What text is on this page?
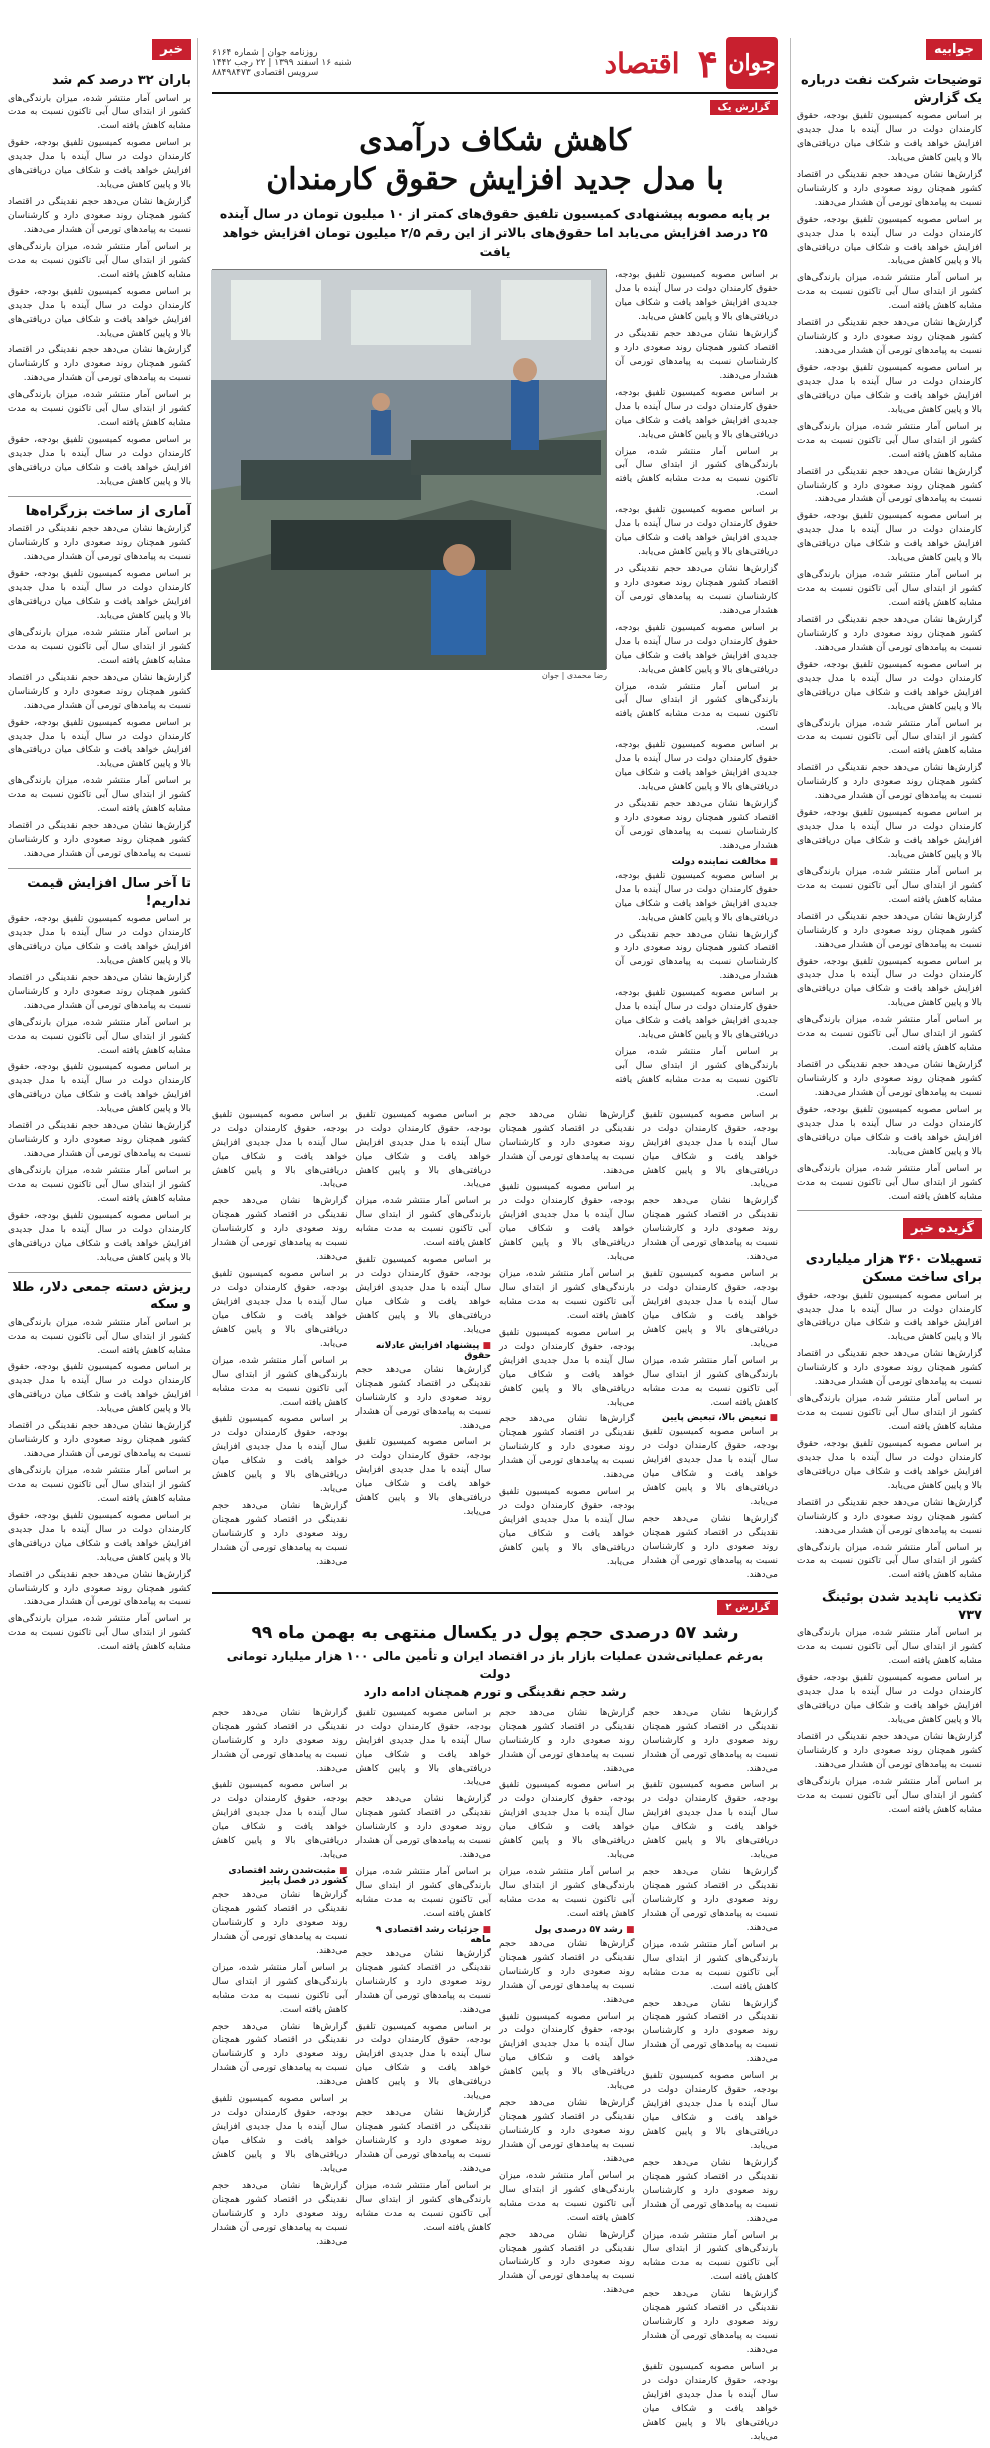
جوابیه
توضیحات شرکت نفت درباره یک گزارش

بر اساس مصوبه کمیسیون تلفیق بودجه، حقوق کارمندان دولت در سال آینده با مدل جدیدی افزایش خواهد یافت و شکاف میان دریافتی‌های بالا و پایین کاهش می‌یابد.

گزارش‌ها نشان می‌دهد حجم نقدینگی در اقتصاد کشور همچنان روند صعودی دارد و کارشناسان نسبت به پیامدهای تورمی آن هشدار می‌دهند.

بر اساس مصوبه کمیسیون تلفیق بودجه، حقوق کارمندان دولت در سال آینده با مدل جدیدی افزایش خواهد یافت و شکاف میان دریافتی‌های بالا و پایین کاهش می‌یابد.

بر اساس آمار منتشر شده، میزان بارندگی‌های کشور از ابتدای سال آبی تاکنون نسبت به مدت مشابه کاهش یافته است.

گزارش‌ها نشان می‌دهد حجم نقدینگی در اقتصاد کشور همچنان روند صعودی دارد و کارشناسان نسبت به پیامدهای تورمی آن هشدار می‌دهند.

بر اساس مصوبه کمیسیون تلفیق بودجه، حقوق کارمندان دولت در سال آینده با مدل جدیدی افزایش خواهد یافت و شکاف میان دریافتی‌های بالا و پایین کاهش می‌یابد.

بر اساس آمار منتشر شده، میزان بارندگی‌های کشور از ابتدای سال آبی تاکنون نسبت به مدت مشابه کاهش یافته است.

گزارش‌ها نشان می‌دهد حجم نقدینگی در اقتصاد کشور همچنان روند صعودی دارد و کارشناسان نسبت به پیامدهای تورمی آن هشدار می‌دهند.

بر اساس مصوبه کمیسیون تلفیق بودجه، حقوق کارمندان دولت در سال آینده با مدل جدیدی افزایش خواهد یافت و شکاف میان دریافتی‌های بالا و پایین کاهش می‌یابد.

بر اساس آمار منتشر شده، میزان بارندگی‌های کشور از ابتدای سال آبی تاکنون نسبت به مدت مشابه کاهش یافته است.

گزارش‌ها نشان می‌دهد حجم نقدینگی در اقتصاد کشور همچنان روند صعودی دارد و کارشناسان نسبت به پیامدهای تورمی آن هشدار می‌دهند.

بر اساس مصوبه کمیسیون تلفیق بودجه، حقوق کارمندان دولت در سال آینده با مدل جدیدی افزایش خواهد یافت و شکاف میان دریافتی‌های بالا و پایین کاهش می‌یابد.

بر اساس آمار منتشر شده، میزان بارندگی‌های کشور از ابتدای سال آبی تاکنون نسبت به مدت مشابه کاهش یافته است.

گزارش‌ها نشان می‌دهد حجم نقدینگی در اقتصاد کشور همچنان روند صعودی دارد و کارشناسان نسبت به پیامدهای تورمی آن هشدار می‌دهند.

بر اساس مصوبه کمیسیون تلفیق بودجه، حقوق کارمندان دولت در سال آینده با مدل جدیدی افزایش خواهد یافت و شکاف میان دریافتی‌های بالا و پایین کاهش می‌یابد.

بر اساس آمار منتشر شده، میزان بارندگی‌های کشور از ابتدای سال آبی تاکنون نسبت به مدت مشابه کاهش یافته است.

گزارش‌ها نشان می‌دهد حجم نقدینگی در اقتصاد کشور همچنان روند صعودی دارد و کارشناسان نسبت به پیامدهای تورمی آن هشدار می‌دهند.

بر اساس مصوبه کمیسیون تلفیق بودجه، حقوق کارمندان دولت در سال آینده با مدل جدیدی افزایش خواهد یافت و شکاف میان دریافتی‌های بالا و پایین کاهش می‌یابد.

بر اساس آمار منتشر شده، میزان بارندگی‌های کشور از ابتدای سال آبی تاکنون نسبت به مدت مشابه کاهش یافته است.

گزارش‌ها نشان می‌دهد حجم نقدینگی در اقتصاد کشور همچنان روند صعودی دارد و کارشناسان نسبت به پیامدهای تورمی آن هشدار می‌دهند.

بر اساس مصوبه کمیسیون تلفیق بودجه، حقوق کارمندان دولت در سال آینده با مدل جدیدی افزایش خواهد یافت و شکاف میان دریافتی‌های بالا و پایین کاهش می‌یابد.

بر اساس آمار منتشر شده، میزان بارندگی‌های کشور از ابتدای سال آبی تاکنون نسبت به مدت مشابه کاهش یافته است.

گزیده خبر
تسهیلات ۳۶۰ هزار میلیاردی برای ساخت مسکن

بر اساس مصوبه کمیسیون تلفیق بودجه، حقوق کارمندان دولت در سال آینده با مدل جدیدی افزایش خواهد یافت و شکاف میان دریافتی‌های بالا و پایین کاهش می‌یابد.

گزارش‌ها نشان می‌دهد حجم نقدینگی در اقتصاد کشور همچنان روند صعودی دارد و کارشناسان نسبت به پیامدهای تورمی آن هشدار می‌دهند.

بر اساس آمار منتشر شده، میزان بارندگی‌های کشور از ابتدای سال آبی تاکنون نسبت به مدت مشابه کاهش یافته است.

بر اساس مصوبه کمیسیون تلفیق بودجه، حقوق کارمندان دولت در سال آینده با مدل جدیدی افزایش خواهد یافت و شکاف میان دریافتی‌های بالا و پایین کاهش می‌یابد.

گزارش‌ها نشان می‌دهد حجم نقدینگی در اقتصاد کشور همچنان روند صعودی دارد و کارشناسان نسبت به پیامدهای تورمی آن هشدار می‌دهند.

بر اساس آمار منتشر شده، میزان بارندگی‌های کشور از ابتدای سال آبی تاکنون نسبت به مدت مشابه کاهش یافته است.

تکذیب ناپدید شدن بوئینگ ۷۳۷

بر اساس آمار منتشر شده، میزان بارندگی‌های کشور از ابتدای سال آبی تاکنون نسبت به مدت مشابه کاهش یافته است.

بر اساس مصوبه کمیسیون تلفیق بودجه، حقوق کارمندان دولت در سال آینده با مدل جدیدی افزایش خواهد یافت و شکاف میان دریافتی‌های بالا و پایین کاهش می‌یابد.

گزارش‌ها نشان می‌دهد حجم نقدینگی در اقتصاد کشور همچنان روند صعودی دارد و کارشناسان نسبت به پیامدهای تورمی آن هشدار می‌دهند.

بر اساس آمار منتشر شده، میزان بارندگی‌های کشور از ابتدای سال آبی تاکنون نسبت به مدت مشابه کاهش یافته است.

خبر
باران ۳۲ درصد کم شد

بر اساس آمار منتشر شده، میزان بارندگی‌های کشور از ابتدای سال آبی تاکنون نسبت به مدت مشابه کاهش یافته است.

بر اساس مصوبه کمیسیون تلفیق بودجه، حقوق کارمندان دولت در سال آینده با مدل جدیدی افزایش خواهد یافت و شکاف میان دریافتی‌های بالا و پایین کاهش می‌یابد.

گزارش‌ها نشان می‌دهد حجم نقدینگی در اقتصاد کشور همچنان روند صعودی دارد و کارشناسان نسبت به پیامدهای تورمی آن هشدار می‌دهند.

بر اساس آمار منتشر شده، میزان بارندگی‌های کشور از ابتدای سال آبی تاکنون نسبت به مدت مشابه کاهش یافته است.

بر اساس مصوبه کمیسیون تلفیق بودجه، حقوق کارمندان دولت در سال آینده با مدل جدیدی افزایش خواهد یافت و شکاف میان دریافتی‌های بالا و پایین کاهش می‌یابد.

گزارش‌ها نشان می‌دهد حجم نقدینگی در اقتصاد کشور همچنان روند صعودی دارد و کارشناسان نسبت به پیامدهای تورمی آن هشدار می‌دهند.

بر اساس آمار منتشر شده، میزان بارندگی‌های کشور از ابتدای سال آبی تاکنون نسبت به مدت مشابه کاهش یافته است.

بر اساس مصوبه کمیسیون تلفیق بودجه، حقوق کارمندان دولت در سال آینده با مدل جدیدی افزایش خواهد یافت و شکاف میان دریافتی‌های بالا و پایین کاهش می‌یابد.

آماری از ساخت بزرگراه‌ها

گزارش‌ها نشان می‌دهد حجم نقدینگی در اقتصاد کشور همچنان روند صعودی دارد و کارشناسان نسبت به پیامدهای تورمی آن هشدار می‌دهند.

بر اساس مصوبه کمیسیون تلفیق بودجه، حقوق کارمندان دولت در سال آینده با مدل جدیدی افزایش خواهد یافت و شکاف میان دریافتی‌های بالا و پایین کاهش می‌یابد.

بر اساس آمار منتشر شده، میزان بارندگی‌های کشور از ابتدای سال آبی تاکنون نسبت به مدت مشابه کاهش یافته است.

گزارش‌ها نشان می‌دهد حجم نقدینگی در اقتصاد کشور همچنان روند صعودی دارد و کارشناسان نسبت به پیامدهای تورمی آن هشدار می‌دهند.

بر اساس مصوبه کمیسیون تلفیق بودجه، حقوق کارمندان دولت در سال آینده با مدل جدیدی افزایش خواهد یافت و شکاف میان دریافتی‌های بالا و پایین کاهش می‌یابد.

بر اساس آمار منتشر شده، میزان بارندگی‌های کشور از ابتدای سال آبی تاکنون نسبت به مدت مشابه کاهش یافته است.

گزارش‌ها نشان می‌دهد حجم نقدینگی در اقتصاد کشور همچنان روند صعودی دارد و کارشناسان نسبت به پیامدهای تورمی آن هشدار می‌دهند.

تا آخر سال افزایش قیمت نداریم!

بر اساس مصوبه کمیسیون تلفیق بودجه، حقوق کارمندان دولت در سال آینده با مدل جدیدی افزایش خواهد یافت و شکاف میان دریافتی‌های بالا و پایین کاهش می‌یابد.

گزارش‌ها نشان می‌دهد حجم نقدینگی در اقتصاد کشور همچنان روند صعودی دارد و کارشناسان نسبت به پیامدهای تورمی آن هشدار می‌دهند.

بر اساس آمار منتشر شده، میزان بارندگی‌های کشور از ابتدای سال آبی تاکنون نسبت به مدت مشابه کاهش یافته است.

بر اساس مصوبه کمیسیون تلفیق بودجه، حقوق کارمندان دولت در سال آینده با مدل جدیدی افزایش خواهد یافت و شکاف میان دریافتی‌های بالا و پایین کاهش می‌یابد.

گزارش‌ها نشان می‌دهد حجم نقدینگی در اقتصاد کشور همچنان روند صعودی دارد و کارشناسان نسبت به پیامدهای تورمی آن هشدار می‌دهند.

بر اساس آمار منتشر شده، میزان بارندگی‌های کشور از ابتدای سال آبی تاکنون نسبت به مدت مشابه کاهش یافته است.

بر اساس مصوبه کمیسیون تلفیق بودجه، حقوق کارمندان دولت در سال آینده با مدل جدیدی افزایش خواهد یافت و شکاف میان دریافتی‌های بالا و پایین کاهش می‌یابد.

ریزش دسته جمعی دلار، طلا و سکه

بر اساس آمار منتشر شده، میزان بارندگی‌های کشور از ابتدای سال آبی تاکنون نسبت به مدت مشابه کاهش یافته است.

بر اساس مصوبه کمیسیون تلفیق بودجه، حقوق کارمندان دولت در سال آینده با مدل جدیدی افزایش خواهد یافت و شکاف میان دریافتی‌های بالا و پایین کاهش می‌یابد.

گزارش‌ها نشان می‌دهد حجم نقدینگی در اقتصاد کشور همچنان روند صعودی دارد و کارشناسان نسبت به پیامدهای تورمی آن هشدار می‌دهند.

بر اساس آمار منتشر شده، میزان بارندگی‌های کشور از ابتدای سال آبی تاکنون نسبت به مدت مشابه کاهش یافته است.

بر اساس مصوبه کمیسیون تلفیق بودجه، حقوق کارمندان دولت در سال آینده با مدل جدیدی افزایش خواهد یافت و شکاف میان دریافتی‌های بالا و پایین کاهش می‌یابد.

گزارش‌ها نشان می‌دهد حجم نقدینگی در اقتصاد کشور همچنان روند صعودی دارد و کارشناسان نسبت به پیامدهای تورمی آن هشدار می‌دهند.

بر اساس آمار منتشر شده، میزان بارندگی‌های کشور از ابتدای سال آبی تاکنون نسبت به مدت مشابه کاهش یافته است.

جوان
۴
اقتصاد
روزنامه جوان | شماره ۶۱۶۴
شنبه ۱۶ اسفند ۱۳۹۹ | ۲۲ رجب ۱۴۴۲
سرویس اقتصادی ۸۸۴۹۸۴۷۳
گزارش یک
کاهش شکاف درآمدی
با مدل جدید افزایش حقوق کارمندان
بر پایه مصوبه پیشنهادی کمیسیون تلفیق حقوق‌های کمتر از ۱۰ میلیون تومان در سال آینده ۲۵ درصد افزایش می‌یابد اما حقوق‌های بالاتر از این رقم ۲/۵ میلیون تومان افزایش خواهد یافت

بر اساس مصوبه کمیسیون تلفیق بودجه، حقوق کارمندان دولت در سال آینده با مدل جدیدی افزایش خواهد یافت و شکاف میان دریافتی‌های بالا و پایین کاهش می‌یابد.

گزارش‌ها نشان می‌دهد حجم نقدینگی در اقتصاد کشور همچنان روند صعودی دارد و کارشناسان نسبت به پیامدهای تورمی آن هشدار می‌دهند.

بر اساس مصوبه کمیسیون تلفیق بودجه، حقوق کارمندان دولت در سال آینده با مدل جدیدی افزایش خواهد یافت و شکاف میان دریافتی‌های بالا و پایین کاهش می‌یابد.

بر اساس آمار منتشر شده، میزان بارندگی‌های کشور از ابتدای سال آبی تاکنون نسبت به مدت مشابه کاهش یافته است.

بر اساس مصوبه کمیسیون تلفیق بودجه، حقوق کارمندان دولت در سال آینده با مدل جدیدی افزایش خواهد یافت و شکاف میان دریافتی‌های بالا و پایین کاهش می‌یابد.

گزارش‌ها نشان می‌دهد حجم نقدینگی در اقتصاد کشور همچنان روند صعودی دارد و کارشناسان نسبت به پیامدهای تورمی آن هشدار می‌دهند.

بر اساس مصوبه کمیسیون تلفیق بودجه، حقوق کارمندان دولت در سال آینده با مدل جدیدی افزایش خواهد یافت و شکاف میان دریافتی‌های بالا و پایین کاهش می‌یابد.

بر اساس آمار منتشر شده، میزان بارندگی‌های کشور از ابتدای سال آبی تاکنون نسبت به مدت مشابه کاهش یافته است.

بر اساس مصوبه کمیسیون تلفیق بودجه، حقوق کارمندان دولت در سال آینده با مدل جدیدی افزایش خواهد یافت و شکاف میان دریافتی‌های بالا و پایین کاهش می‌یابد.

گزارش‌ها نشان می‌دهد حجم نقدینگی در اقتصاد کشور همچنان روند صعودی دارد و کارشناسان نسبت به پیامدهای تورمی آن هشدار می‌دهند.

■ مخالفت نماینده دولت

بر اساس مصوبه کمیسیون تلفیق بودجه، حقوق کارمندان دولت در سال آینده با مدل جدیدی افزایش خواهد یافت و شکاف میان دریافتی‌های بالا و پایین کاهش می‌یابد.

گزارش‌ها نشان می‌دهد حجم نقدینگی در اقتصاد کشور همچنان روند صعودی دارد و کارشناسان نسبت به پیامدهای تورمی آن هشدار می‌دهند.

بر اساس مصوبه کمیسیون تلفیق بودجه، حقوق کارمندان دولت در سال آینده با مدل جدیدی افزایش خواهد یافت و شکاف میان دریافتی‌های بالا و پایین کاهش می‌یابد.

بر اساس آمار منتشر شده، میزان بارندگی‌های کشور از ابتدای سال آبی تاکنون نسبت به مدت مشابه کاهش یافته است.

رضا محمدی | جوان

بر اساس مصوبه کمیسیون تلفیق بودجه، حقوق کارمندان دولت در سال آینده با مدل جدیدی افزایش خواهد یافت و شکاف میان دریافتی‌های بالا و پایین کاهش می‌یابد.

گزارش‌ها نشان می‌دهد حجم نقدینگی در اقتصاد کشور همچنان روند صعودی دارد و کارشناسان نسبت به پیامدهای تورمی آن هشدار می‌دهند.

بر اساس مصوبه کمیسیون تلفیق بودجه، حقوق کارمندان دولت در سال آینده با مدل جدیدی افزایش خواهد یافت و شکاف میان دریافتی‌های بالا و پایین کاهش می‌یابد.

بر اساس آمار منتشر شده، میزان بارندگی‌های کشور از ابتدای سال آبی تاکنون نسبت به مدت مشابه کاهش یافته است.

■ تبعیض بالا، تبعیض پایین

بر اساس مصوبه کمیسیون تلفیق بودجه، حقوق کارمندان دولت در سال آینده با مدل جدیدی افزایش خواهد یافت و شکاف میان دریافتی‌های بالا و پایین کاهش می‌یابد.

گزارش‌ها نشان می‌دهد حجم نقدینگی در اقتصاد کشور همچنان روند صعودی دارد و کارشناسان نسبت به پیامدهای تورمی آن هشدار می‌دهند.

گزارش‌ها نشان می‌دهد حجم نقدینگی در اقتصاد کشور همچنان روند صعودی دارد و کارشناسان نسبت به پیامدهای تورمی آن هشدار می‌دهند.

بر اساس مصوبه کمیسیون تلفیق بودجه، حقوق کارمندان دولت در سال آینده با مدل جدیدی افزایش خواهد یافت و شکاف میان دریافتی‌های بالا و پایین کاهش می‌یابد.

بر اساس آمار منتشر شده، میزان بارندگی‌های کشور از ابتدای سال آبی تاکنون نسبت به مدت مشابه کاهش یافته است.

بر اساس مصوبه کمیسیون تلفیق بودجه، حقوق کارمندان دولت در سال آینده با مدل جدیدی افزایش خواهد یافت و شکاف میان دریافتی‌های بالا و پایین کاهش می‌یابد.

گزارش‌ها نشان می‌دهد حجم نقدینگی در اقتصاد کشور همچنان روند صعودی دارد و کارشناسان نسبت به پیامدهای تورمی آن هشدار می‌دهند.

بر اساس مصوبه کمیسیون تلفیق بودجه، حقوق کارمندان دولت در سال آینده با مدل جدیدی افزایش خواهد یافت و شکاف میان دریافتی‌های بالا و پایین کاهش می‌یابد.

بر اساس مصوبه کمیسیون تلفیق بودجه، حقوق کارمندان دولت در سال آینده با مدل جدیدی افزایش خواهد یافت و شکاف میان دریافتی‌های بالا و پایین کاهش می‌یابد.

بر اساس آمار منتشر شده، میزان بارندگی‌های کشور از ابتدای سال آبی تاکنون نسبت به مدت مشابه کاهش یافته است.

بر اساس مصوبه کمیسیون تلفیق بودجه، حقوق کارمندان دولت در سال آینده با مدل جدیدی افزایش خواهد یافت و شکاف میان دریافتی‌های بالا و پایین کاهش می‌یابد.

■ پیشنهاد افزایش عادلانه حقوق

گزارش‌ها نشان می‌دهد حجم نقدینگی در اقتصاد کشور همچنان روند صعودی دارد و کارشناسان نسبت به پیامدهای تورمی آن هشدار می‌دهند.

بر اساس مصوبه کمیسیون تلفیق بودجه، حقوق کارمندان دولت در سال آینده با مدل جدیدی افزایش خواهد یافت و شکاف میان دریافتی‌های بالا و پایین کاهش می‌یابد.

بر اساس مصوبه کمیسیون تلفیق بودجه، حقوق کارمندان دولت در سال آینده با مدل جدیدی افزایش خواهد یافت و شکاف میان دریافتی‌های بالا و پایین کاهش می‌یابد.

گزارش‌ها نشان می‌دهد حجم نقدینگی در اقتصاد کشور همچنان روند صعودی دارد و کارشناسان نسبت به پیامدهای تورمی آن هشدار می‌دهند.

بر اساس مصوبه کمیسیون تلفیق بودجه، حقوق کارمندان دولت در سال آینده با مدل جدیدی افزایش خواهد یافت و شکاف میان دریافتی‌های بالا و پایین کاهش می‌یابد.

بر اساس آمار منتشر شده، میزان بارندگی‌های کشور از ابتدای سال آبی تاکنون نسبت به مدت مشابه کاهش یافته است.

بر اساس مصوبه کمیسیون تلفیق بودجه، حقوق کارمندان دولت در سال آینده با مدل جدیدی افزایش خواهد یافت و شکاف میان دریافتی‌های بالا و پایین کاهش می‌یابد.

گزارش‌ها نشان می‌دهد حجم نقدینگی در اقتصاد کشور همچنان روند صعودی دارد و کارشناسان نسبت به پیامدهای تورمی آن هشدار می‌دهند.

گزارش ۲
رشد ۵۷ درصدی حجم پول در یکسال منتهی به بهمن ماه ۹۹
به‌رغم عملیاتی‌شدن عملیات بازار باز در اقتصاد ایران و تأمین مالی ۱۰۰ هزار میلیارد تومانی دولت
رشد حجم نقدینگی و تورم همچنان ادامه دارد

گزارش‌ها نشان می‌دهد حجم نقدینگی در اقتصاد کشور همچنان روند صعودی دارد و کارشناسان نسبت به پیامدهای تورمی آن هشدار می‌دهند.

بر اساس مصوبه کمیسیون تلفیق بودجه، حقوق کارمندان دولت در سال آینده با مدل جدیدی افزایش خواهد یافت و شکاف میان دریافتی‌های بالا و پایین کاهش می‌یابد.

گزارش‌ها نشان می‌دهد حجم نقدینگی در اقتصاد کشور همچنان روند صعودی دارد و کارشناسان نسبت به پیامدهای تورمی آن هشدار می‌دهند.

بر اساس آمار منتشر شده، میزان بارندگی‌های کشور از ابتدای سال آبی تاکنون نسبت به مدت مشابه کاهش یافته است.

گزارش‌ها نشان می‌دهد حجم نقدینگی در اقتصاد کشور همچنان روند صعودی دارد و کارشناسان نسبت به پیامدهای تورمی آن هشدار می‌دهند.

بر اساس مصوبه کمیسیون تلفیق بودجه، حقوق کارمندان دولت در سال آینده با مدل جدیدی افزایش خواهد یافت و شکاف میان دریافتی‌های بالا و پایین کاهش می‌یابد.

گزارش‌ها نشان می‌دهد حجم نقدینگی در اقتصاد کشور همچنان روند صعودی دارد و کارشناسان نسبت به پیامدهای تورمی آن هشدار می‌دهند.

بر اساس آمار منتشر شده، میزان بارندگی‌های کشور از ابتدای سال آبی تاکنون نسبت به مدت مشابه کاهش یافته است.

گزارش‌ها نشان می‌دهد حجم نقدینگی در اقتصاد کشور همچنان روند صعودی دارد و کارشناسان نسبت به پیامدهای تورمی آن هشدار می‌دهند.

بر اساس مصوبه کمیسیون تلفیق بودجه، حقوق کارمندان دولت در سال آینده با مدل جدیدی افزایش خواهد یافت و شکاف میان دریافتی‌های بالا و پایین کاهش می‌یابد.

گزارش‌ها نشان می‌دهد حجم نقدینگی در اقتصاد کشور همچنان روند صعودی دارد و کارشناسان نسبت به پیامدهای تورمی آن هشدار می‌دهند.

بر اساس مصوبه کمیسیون تلفیق بودجه، حقوق کارمندان دولت در سال آینده با مدل جدیدی افزایش خواهد یافت و شکاف میان دریافتی‌های بالا و پایین کاهش می‌یابد.

بر اساس آمار منتشر شده، میزان بارندگی‌های کشور از ابتدای سال آبی تاکنون نسبت به مدت مشابه کاهش یافته است.

■ رشد ۵۷ درصدی پول

گزارش‌ها نشان می‌دهد حجم نقدینگی در اقتصاد کشور همچنان روند صعودی دارد و کارشناسان نسبت به پیامدهای تورمی آن هشدار می‌دهند.

بر اساس مصوبه کمیسیون تلفیق بودجه، حقوق کارمندان دولت در سال آینده با مدل جدیدی افزایش خواهد یافت و شکاف میان دریافتی‌های بالا و پایین کاهش می‌یابد.

گزارش‌ها نشان می‌دهد حجم نقدینگی در اقتصاد کشور همچنان روند صعودی دارد و کارشناسان نسبت به پیامدهای تورمی آن هشدار می‌دهند.

بر اساس آمار منتشر شده، میزان بارندگی‌های کشور از ابتدای سال آبی تاکنون نسبت به مدت مشابه کاهش یافته است.

گزارش‌ها نشان می‌دهد حجم نقدینگی در اقتصاد کشور همچنان روند صعودی دارد و کارشناسان نسبت به پیامدهای تورمی آن هشدار می‌دهند.

بر اساس مصوبه کمیسیون تلفیق بودجه، حقوق کارمندان دولت در سال آینده با مدل جدیدی افزایش خواهد یافت و شکاف میان دریافتی‌های بالا و پایین کاهش می‌یابد.

گزارش‌ها نشان می‌دهد حجم نقدینگی در اقتصاد کشور همچنان روند صعودی دارد و کارشناسان نسبت به پیامدهای تورمی آن هشدار می‌دهند.

بر اساس آمار منتشر شده، میزان بارندگی‌های کشور از ابتدای سال آبی تاکنون نسبت به مدت مشابه کاهش یافته است.

■ جزئیات رشد اقتصادی ۹ ماهه

گزارش‌ها نشان می‌دهد حجم نقدینگی در اقتصاد کشور همچنان روند صعودی دارد و کارشناسان نسبت به پیامدهای تورمی آن هشدار می‌دهند.

بر اساس مصوبه کمیسیون تلفیق بودجه، حقوق کارمندان دولت در سال آینده با مدل جدیدی افزایش خواهد یافت و شکاف میان دریافتی‌های بالا و پایین کاهش می‌یابد.

گزارش‌ها نشان می‌دهد حجم نقدینگی در اقتصاد کشور همچنان روند صعودی دارد و کارشناسان نسبت به پیامدهای تورمی آن هشدار می‌دهند.

بر اساس آمار منتشر شده، میزان بارندگی‌های کشور از ابتدای سال آبی تاکنون نسبت به مدت مشابه کاهش یافته است.

گزارش‌ها نشان می‌دهد حجم نقدینگی در اقتصاد کشور همچنان روند صعودی دارد و کارشناسان نسبت به پیامدهای تورمی آن هشدار می‌دهند.

بر اساس مصوبه کمیسیون تلفیق بودجه، حقوق کارمندان دولت در سال آینده با مدل جدیدی افزایش خواهد یافت و شکاف میان دریافتی‌های بالا و پایین کاهش می‌یابد.

■ مثبت‌شدن رشد اقتصادی کشور در فصل پاییز

گزارش‌ها نشان می‌دهد حجم نقدینگی در اقتصاد کشور همچنان روند صعودی دارد و کارشناسان نسبت به پیامدهای تورمی آن هشدار می‌دهند.

بر اساس آمار منتشر شده، میزان بارندگی‌های کشور از ابتدای سال آبی تاکنون نسبت به مدت مشابه کاهش یافته است.

گزارش‌ها نشان می‌دهد حجم نقدینگی در اقتصاد کشور همچنان روند صعودی دارد و کارشناسان نسبت به پیامدهای تورمی آن هشدار می‌دهند.

بر اساس مصوبه کمیسیون تلفیق بودجه، حقوق کارمندان دولت در سال آینده با مدل جدیدی افزایش خواهد یافت و شکاف میان دریافتی‌های بالا و پایین کاهش می‌یابد.

گزارش‌ها نشان می‌دهد حجم نقدینگی در اقتصاد کشور همچنان روند صعودی دارد و کارشناسان نسبت به پیامدهای تورمی آن هشدار می‌دهند.
